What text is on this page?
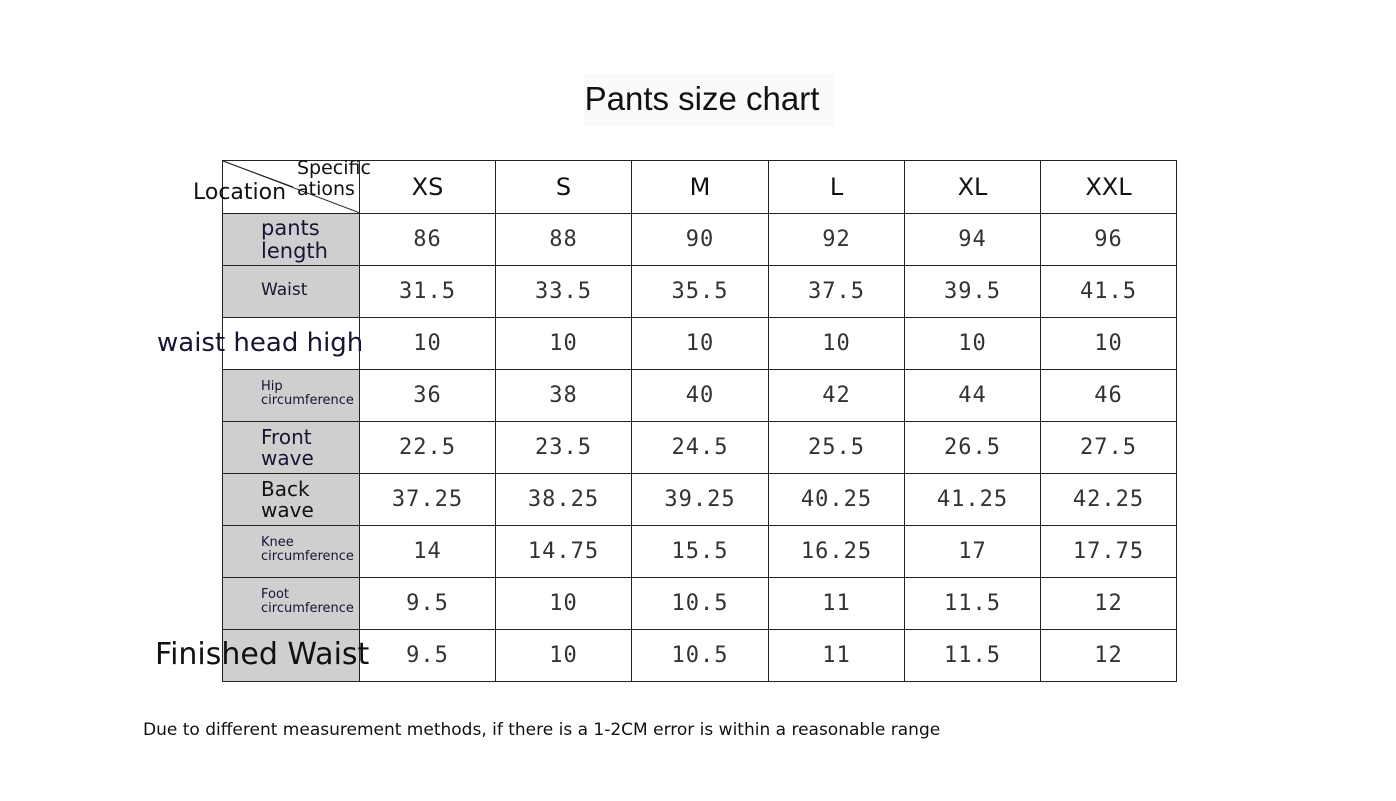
Pants size chart
Specific
ations
Location	XS	S	M	L	XL	XXL

pants
length	86	88	90	92	94	96

Waist	31.5	33.5	35.5	37.5	39.5	41.5

waist head high	10	10	10	10	10	10

Hip
circumference	36	38	40	42	44	46

Front
wave	22.5	23.5	24.5	25.5	26.5	27.5

Back
wave	37.25	38.25	39.25	40.25	41.25	42.25

Knee
circumference	14	14.75	15.5	16.25	17	17.75

Foot
circumference	9.5	10	10.5	11	11.5	12

Finished Waist	9.5	10	10.5	11	11.5	12
Due to different measurement methods, if there is a 1-2CM error is within a reasonable range
